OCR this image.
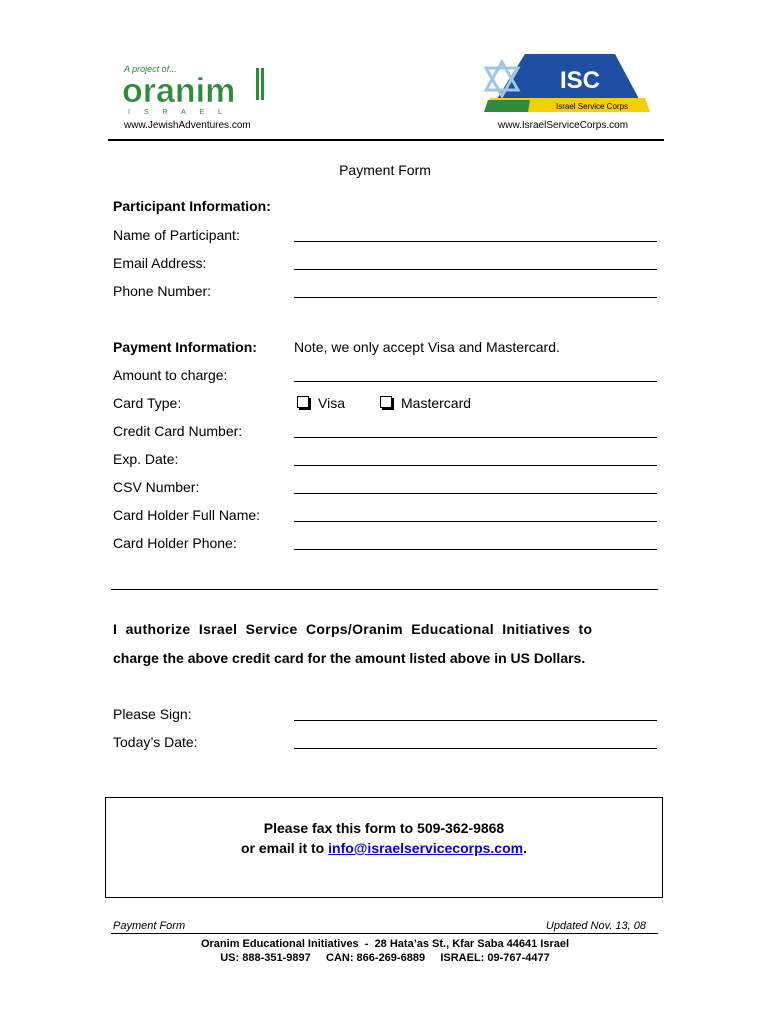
A project of...
oranim
I S R A E L
www.JewishAdventures.com
ISC
Israel Service Corps
www.IsraelServiceCorps.com
Payment Form
Participant Information:
Name of Participant:
Email Address:
Phone Number:
Payment Information:	Note, we only accept Visa and Mastercard.
Amount to charge:
Card Type:	Visa	Mastercard
Credit Card Number:
Exp. Date:
CSV Number:
Card Holder Full Name:
Card Holder Phone:
I  authorize  Israel  Service  Corps/Oranim  Educational  Initiatives  to
charge the above credit card for the amount listed above in US Dollars.
Please Sign:
Today’s Date:
Please fax this form to 509-362-9868
or email it to info@israelservicecorps.com.
Payment Form	Updated Nov. 13, 08
Oranim Educational Initiatives  -  28 Hata’as St., Kfar Saba 44641 Israel
US: 888-351-9897     CAN: 866-269-6889     ISRAEL: 09-767-4477
